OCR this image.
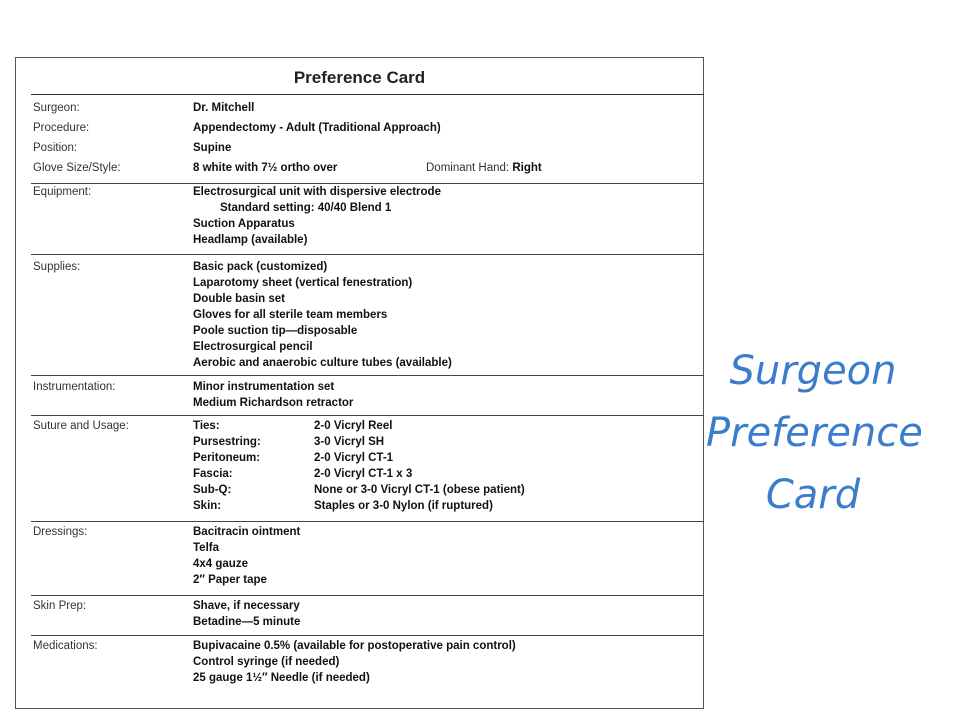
Preference Card
Surgeon:	Dr. Mitchell
Procedure:	Appendectomy - Adult (Traditional Approach)
Position:	Supine
Glove Size/Style:	8 white with 7½ ortho over	Dominant Hand: Right
Equipment:	Electrosurgical unit with dispersive electrode
Standard setting: 40/40 Blend 1
Suction Apparatus
Headlamp (available)
Supplies:	Basic pack (customized)
Laparotomy sheet (vertical fenestration)
Double basin set
Gloves for all sterile team members
Poole suction tip—disposable
Electrosurgical pencil
Aerobic and anaerobic culture tubes (available)
Instrumentation:	Minor instrumentation set
Medium Richardson retractor
Suture and Usage:	Ties:	2-0 Vicryl Reel
Pursestring:	3-0 Vicryl SH
Peritoneum:	2-0 Vicryl CT-1
Fascia:	2-0 Vicryl CT-1 x 3
Sub-Q:	None or 3-0 Vicryl CT-1 (obese patient)
Skin:	Staples or 3-0 Nylon (if ruptured)
Dressings:	Bacitracin ointment
Telfa
4x4 gauze
2″ Paper tape
Skin Prep:	Shave, if necessary
Betadine—5 minute
Medications:	Bupivacaine 0.5% (available for postoperative pain control)
Control syringe (if needed)
25 gauge 1½″ Needle (if needed)
Surgeon
Preference
Card
